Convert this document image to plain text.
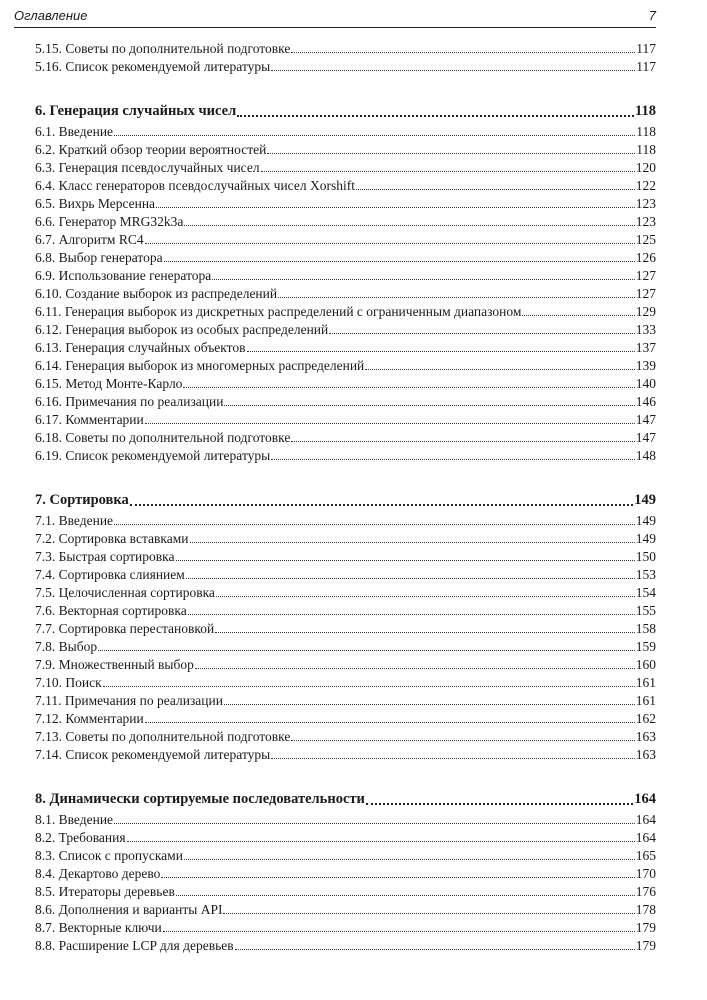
Оглавление	7
5.15. Советы по дополнительной подготовке	117
5.16. Список рекомендуемой литературы	117
6. Генерация случайных чисел	118
6.1. Введение	118
6.2. Краткий обзор теории вероятностей	118
6.3. Генерация псевдослучайных чисел	120
6.4. Класс генераторов псевдослучайных чисел Xorshift	122
6.5. Вихрь Мерсенна	123
6.6. Генератор MRG32k3a	123
6.7. Алгоритм RC4	125
6.8. Выбор генератора	126
6.9. Использование генератора	127
6.10. Создание выборок из распределений	127
6.11. Генерация выборок из дискретных распределений с ограниченным диапазоном	129
6.12. Генерация выборок из особых распределений	133
6.13. Генерация случайных объектов	137
6.14. Генерация выборок из многомерных распределений	139
6.15. Метод Монте-Карло	140
6.16. Примечания по реализации	146
6.17. Комментарии	147
6.18. Советы по дополнительной подготовке	147
6.19. Список рекомендуемой литературы	148
7. Сортировка	149
7.1. Введение	149
7.2. Сортировка вставками	149
7.3. Быстрая сортировка	150
7.4. Сортировка слиянием	153
7.5. Целочисленная сортировка	154
7.6. Векторная сортировка	155
7.7. Сортировка перестановкой	158
7.8. Выбор	159
7.9. Множественный выбор	160
7.10. Поиск	161
7.11. Примечания по реализации	161
7.12. Комментарии	162
7.13. Советы по дополнительной подготовке	163
7.14. Список рекомендуемой литературы	163
8. Динамически сортируемые последовательности	164
8.1. Введение	164
8.2. Требования	164
8.3. Список с пропусками	165
8.4. Декартово дерево	170
8.5. Итераторы деревьев	176
8.6. Дополнения и варианты API	178
8.7. Векторные ключи	179
8.8. Расширение LCP для деревьев	179
